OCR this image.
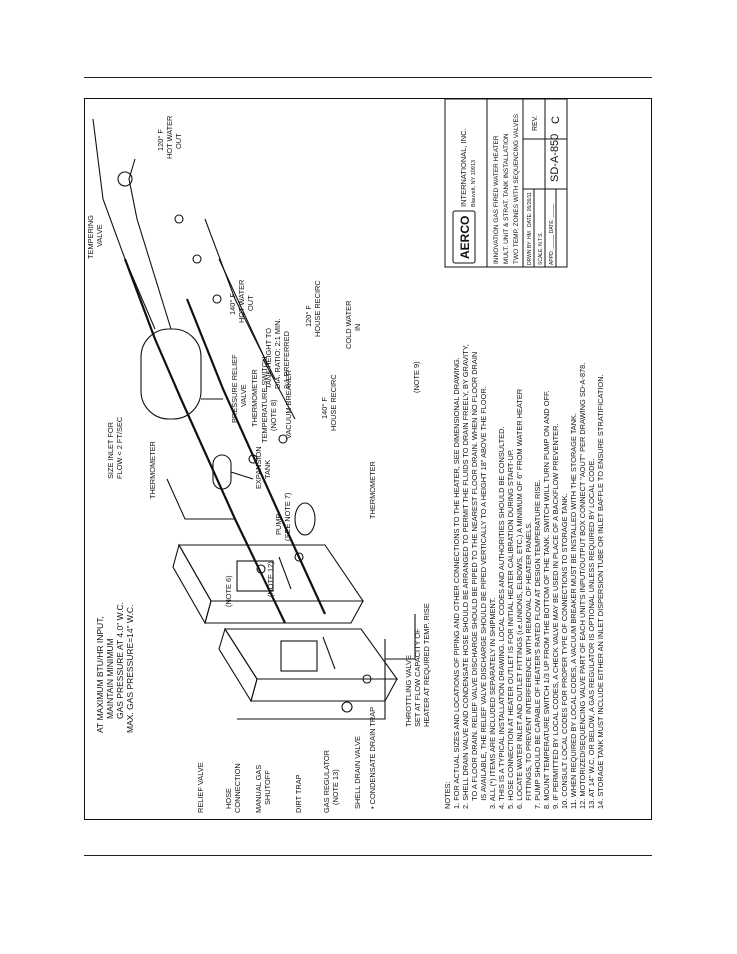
NOTES: 1. FOR ACTUAL SIZES AND LOCATIONS OF PIPING AND OTHER CONNECTIONS TO THE HEATER, SEE DIMENSIONAL DRAWING. 2. SHELL DRAIN VALVE AND CONDENSATE HOSE SHOULD BE ARRANGED TO PERMIT THE FLUIDS TO DRAIN FREELY, BY GRAVITY, TO A FLOOR DRAIN. RELIEF VALVE DISCHARGE SHOULD BE PIPED TO THE NEAREST FLOOR DRAIN. WHEN NO FLOOR DRAIN IS AVAILABLE, THE RELIEF VALVE DISCHARGE SHOULD BE PIPED VERTICALLY TO A HEIGHT 18" ABOVE THE FLOOR. 3. ALL (*) ITEMS ARE INCLUDED SEPARATELY IN SHIPMENT. 4. THIS IS A TYPICAL INSTALLATION DRAWING. LOCAL CODES AND AUTHORITIES SHOULD BE CONSULTED. 5. HOSE CONNECTION AT HEATER OUTLET IS FOR INITIAL HEATER CALIBRATION DURING START-UP. 6. LOCATE WATER INLET AND OUTLET FITTINGS (i.e.UNIONS, ELBOWS, ETC.) A MINIMUM OF 6" FROM WATER HEATER FITTINGS, TO PREVENT INTERFERENCE WITH REMOVAL OF HEATER PANELS. 7. PUMP SHOULD BE CAPABLE OF HEATER'S RATED FLOW AT DESIGN TEMPERATURE RISE. 8. MOUNT TEMPERATURE SWITCH 1/3 UP FROM THE BOTTOM OF THE TANK. SWITCH WILL TURN PUMP ON AND OFF. 9. IF PERMITTED BY LOCAL CODES, A CHECK VALVE MAY BE USED IN PLACE OF A BACKFLOW PREVENTER. 10. CONSULT LOCAL CODES FOR PROPER TYPE OF CONNECTIONS TO STORAGE TANK. 11. WHEN REQUIRED BY LOCAL CODES, A VACUUM BREAKER MUST BE INSTALLED WITH THE STORAGE TANK. 12. MOTORIZED/SEQUENCING VALVE PART OF EACH UNIT'S INPUT/OUTPUT BOX CONNECT "AOUT" PER DRAWING SD-A-878. 13. AT 14" W.C. OR BELOW, A GAS REGULATOR IS OPTIONAL UNLESS REQUIRED BY LOCAL CODE. 14. STORAGE TANK MUST INCLUDE EITHER AN INLET DISPERSION TUBE OR INLET BAFFLE TO ENSURE STRATIFICATION.
AERCO
INTERNATIONAL, INC. Blauvelt, NY 10913 INNOVATION GAS FIRED WATER HEATER MULT. UNIT & STRAT. TANK INSTALLATION TWO TEMP. ZONES WITH SEQUENCING VALVES DRWN BY: HM
DATE: 05/26/11
SCALE: N.T.S. APPD: _____ DATE: _____
SD-A-850
REV. C
AT MAXIMUM BTU/HR INPUT, MAINTAIN MINIMUM GAS PRESSURE AT 4.0" W.C. MAX. GAS PRESSURE=14" W.C.
RELIEF VALVE	HOSE CONNECTION MANUAL GAS SHUTOFF	DIRT TRAP	GAS REGULATOR (NOTE 13) SHELL DRAIN VALVE • CONDENSATE DRAIN TRAP
THROTTLING VALVE SET AT FLOW CAPACITY OF HEATER AT REQUIRED TEMP. RISE
(NOTE 6)	(NOTE 12)
PUMP (SEE NOTE 7)	THERMOMETER
EXPANSION TANK
THERMOMETER
SIZE INLET FOR FLOW < 2 FT/SEC
PRESSURE RELIEF VALVE THERMOMETER TEMPERATURE SWITCH (NOTE 8) VACUUM BREAKER
TANK HEIGHT TO DIA. RATIO: 2:1 MIN. 3:1 PREFERRED
140° F HOT WATER OUT
140° F HOUSE RECIRC	(NOTE 9)
COLD WATER IN
120° F HOUSE RECIRC
120° F HOT WATER OUT
TEMPERING VALVE
